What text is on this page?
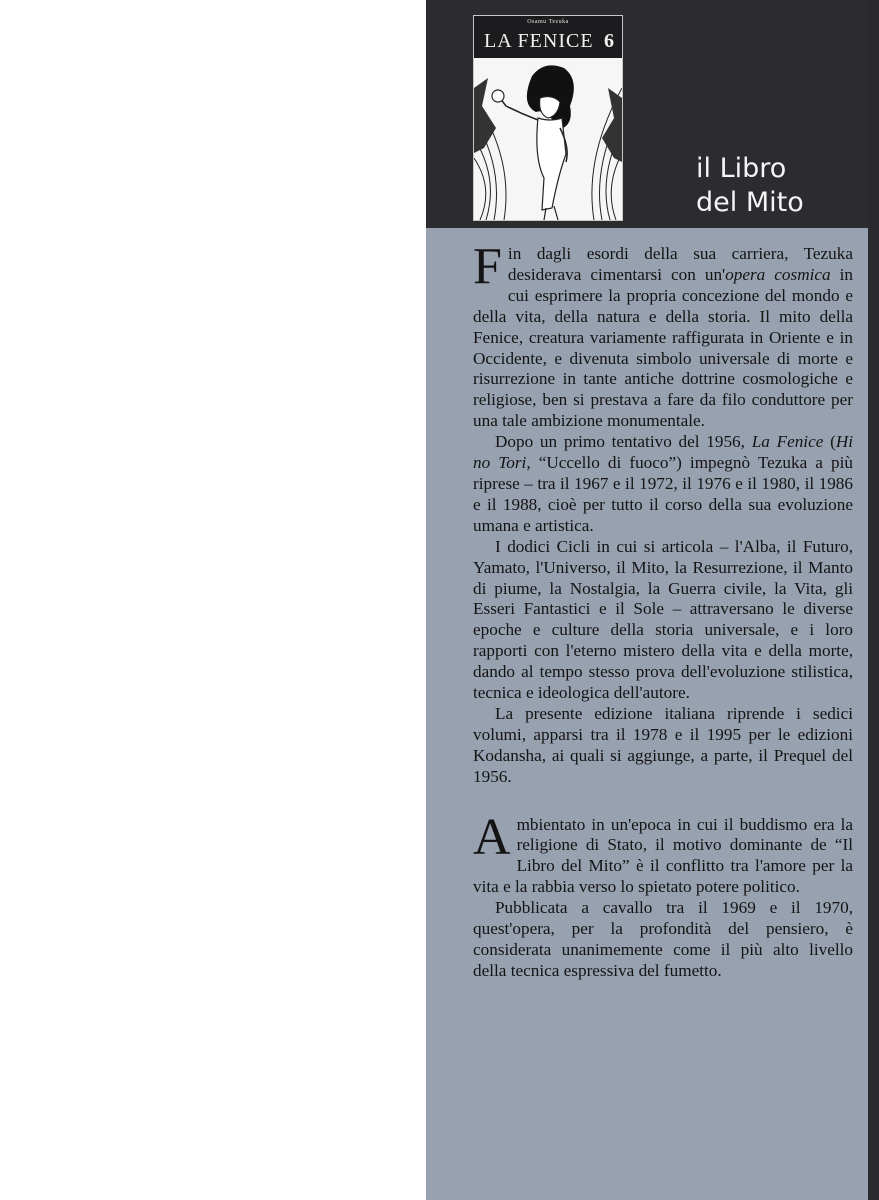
Osamu Tezuka
LA FENICE 6
il Libro
del Mito

Fin dagli esordi della sua carriera, Tezuka desiderava cimentarsi con un'opera cosmica in cui esprimere la propria concezione del mondo e della vita, della natura e della storia. Il mito della Fenice, creatura variamente raffigurata in Oriente e in Occidente, e divenuta simbolo universale di morte e risurrezione in tante antiche dottrine cosmologiche e religiose, ben si prestava a fare da filo conduttore per una tale ambizione monumentale.

Dopo un primo tentativo del 1956, La Fenice (Hi no Tori, “Uccello di fuoco”) impegnò Tezuka a più riprese – tra il 1967 e il 1972, il 1976 e il 1980, il 1986 e il 1988, cioè per tutto il corso della sua evoluzione umana e artistica.

I dodici Cicli in cui si articola – l'Alba, il Futuro, Yamato, l'Universo, il Mito, la Resurrezione, il Manto di piume, la Nostalgia, la Guerra civile, la Vita, gli Esseri Fantastici e il Sole – attraversano le diverse epoche e culture della storia universale, e i loro rapporti con l'eterno mistero della vita e della morte, dando al tempo stesso prova dell'evoluzione stilistica, tecnica e ideologica dell'autore.

La presente edizione italiana riprende i sedici volumi, apparsi tra il 1978 e il 1995 per le edizioni Kodansha, ai quali si aggiunge, a parte, il Prequel del 1956.

Ambientato in un'epoca in cui il buddismo era la religione di Stato, il motivo dominante de “Il Libro del Mito” è il conflitto tra l'amore per la vita e la rabbia verso lo spietato potere politico.

Pubblicata a cavallo tra il 1969 e il 1970, quest'opera, per la profondità del pensiero, è considerata unanimemente come il più alto livello della tecnica espressiva del fumetto.
